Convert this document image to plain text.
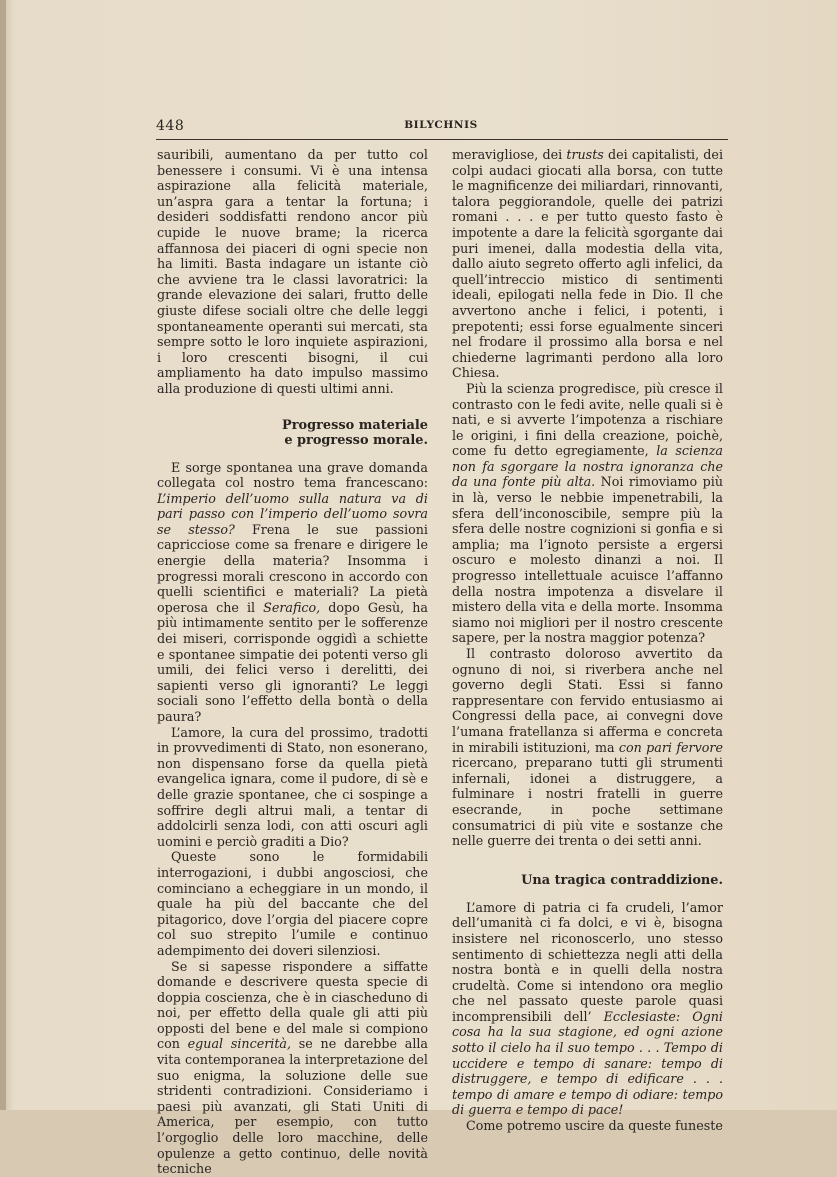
448	BILYCHNIS

sauribili, aumentano da per tutto col benessere i consumi. Vi è una intensa aspirazione alla felicità materiale, un’aspra gara a tentar la fortuna; i desideri soddisfatti rendono ancor più cupide le nuove brame; la ricerca affannosa dei piaceri di ogni specie non ha limiti. Basta indagare un istante ciò che avviene tra le classi lavoratrici: la grande elevazione dei salari, frutto delle giuste difese sociali oltre che delle leggi spontaneamente operanti sui mercati, sta sempre sotto le loro inquiete aspirazioni, i loro crescenti bisogni, il cui ampliamento ha dato impulso massimo alla produzione di questi ultimi anni.

Progresso materiale
e progresso morale.

E sorge spontanea una grave domanda collegata col nostro tema francescano: L’imperio dell’uomo sulla natura va di pari passo con l’imperio dell’uomo sovra se stesso? Frena le sue passioni capricciose come sa frenare e dirigere le energie della materia? Insomma i progressi morali crescono in accordo con quelli scientifici e materiali? La pietà operosa che il Serafico, dopo Gesù, ha più intimamente sentito per le sofferenze dei miseri, corrisponde oggidì a schiette e spontanee simpatie dei potenti verso gli umili, dei felici verso i derelitti, dei sapienti verso gli ignoranti? Le leggi sociali sono l’effetto della bontà o della paura?

L’amore, la cura del prossimo, tradotti in provvedimenti di Stato, non esonerano, non dispensano forse da quella pietà evangelica ignara, come il pudore, di sè e delle grazie spontanee, che ci sospinge a soffrire degli altrui mali, a tentar di addolcirli senza lodi, con atti oscuri agli uomini e perciò graditi a Dio?

Queste sono le formidabili interrogazioni, i dubbi angosciosi, che cominciano a echeggiare in un mondo, il quale ha più del baccante che del pitagorico, dove l’orgia del piacere copre col suo strepito l’umile e continuo adempimento dei doveri silenziosi.

Se si sapesse rispondere a siffatte domande e descrivere questa specie di doppia coscienza, che è in ciascheduno di noi, per effetto della quale gli atti più opposti del bene e del male si compiono con egual sincerità, se ne darebbe alla vita contemporanea la interpretazione del suo enigma, la soluzione delle sue stridenti contradizioni. Consideriamo i paesi più avanzati, gli Stati Uniti di America, per esempio, con tutto l’orgoglio delle loro macchine, delle opulenze a getto continuo, delle novità tecniche

meravigliose, dei trusts dei capitalisti, dei colpi audaci giocati alla borsa, con tutte le magnificenze dei miliardari, rinnovanti, talora peggiorandole, quelle dei patrizi romani . . . e per tutto questo fasto è impotente a dare la felicità sgorgante dai puri imenei, dalla modestia della vita, dallo aiuto segreto offerto agli infelici, da quell’intreccio mistico di sentimenti ideali, epilogati nella fede in Dio. Il che avvertono anche i felici, i potenti, i prepotenti; essi forse egualmente sinceri nel frodare il prossimo alla borsa e nel chiederne lagrimanti perdono alla loro Chiesa.

Più la scienza progredisce, più cresce il contrasto con le fedi avite, nelle quali si è nati, e si avverte l’impotenza a rischiare le origini, i fini della creazione, poichè, come fu detto egregiamente, la scienza non fa sgorgare la nostra ignoranza che da una fonte più alta. Noi rimoviamo più in là, verso le nebbie impenetrabili, la sfera dell’inconoscibile, sempre più la sfera delle nostre cognizioni si gonfia e si amplia; ma l’ignoto persiste a ergersi oscuro e molesto dinanzi a noi. Il progresso intellettuale acuisce l’affanno della nostra impotenza a disvelare il mistero della vita e della morte. Insomma siamo noi migliori per il nostro crescente sapere, per la nostra maggior potenza?

Il contrasto doloroso avvertito da ognuno di noi, si riverbera anche nel governo degli Stati. Essi si fanno rappresentare con fervido entusiasmo ai Congressi della pace, ai convegni dove l’umana fratellanza si afferma e concreta in mirabili istituzioni, ma con pari fervore ricercano, preparano tutti gli strumenti infernali, idonei a distruggere, a fulminare i nostri fratelli in guerre esecrande, in poche settimane consumatrici di più vite e sostanze che nelle guerre dei trenta o dei setti anni.

Una tragica contraddizione.

L’amore di patria ci fa crudeli, l’amor dell’umanità ci fa dolci, e vi è, bisogna insistere nel riconoscerlo, uno stesso sentimento di schiettezza negli atti della nostra bontà e in quelli della nostra crudeltà. Come si intendono ora meglio che nel passato queste parole quasi incomprensibili dell’ Ecclesiaste: Ogni cosa ha la sua stagione, ed ogni azione sotto il cielo ha il suo tempo . . . Tempo di uccidere e tempo di sanare: tempo di distruggere, e tempo di edificare . . . tempo di amare e tempo di odiare: tempo di guerra e tempo di pace!

Come potremo uscire da queste funeste
